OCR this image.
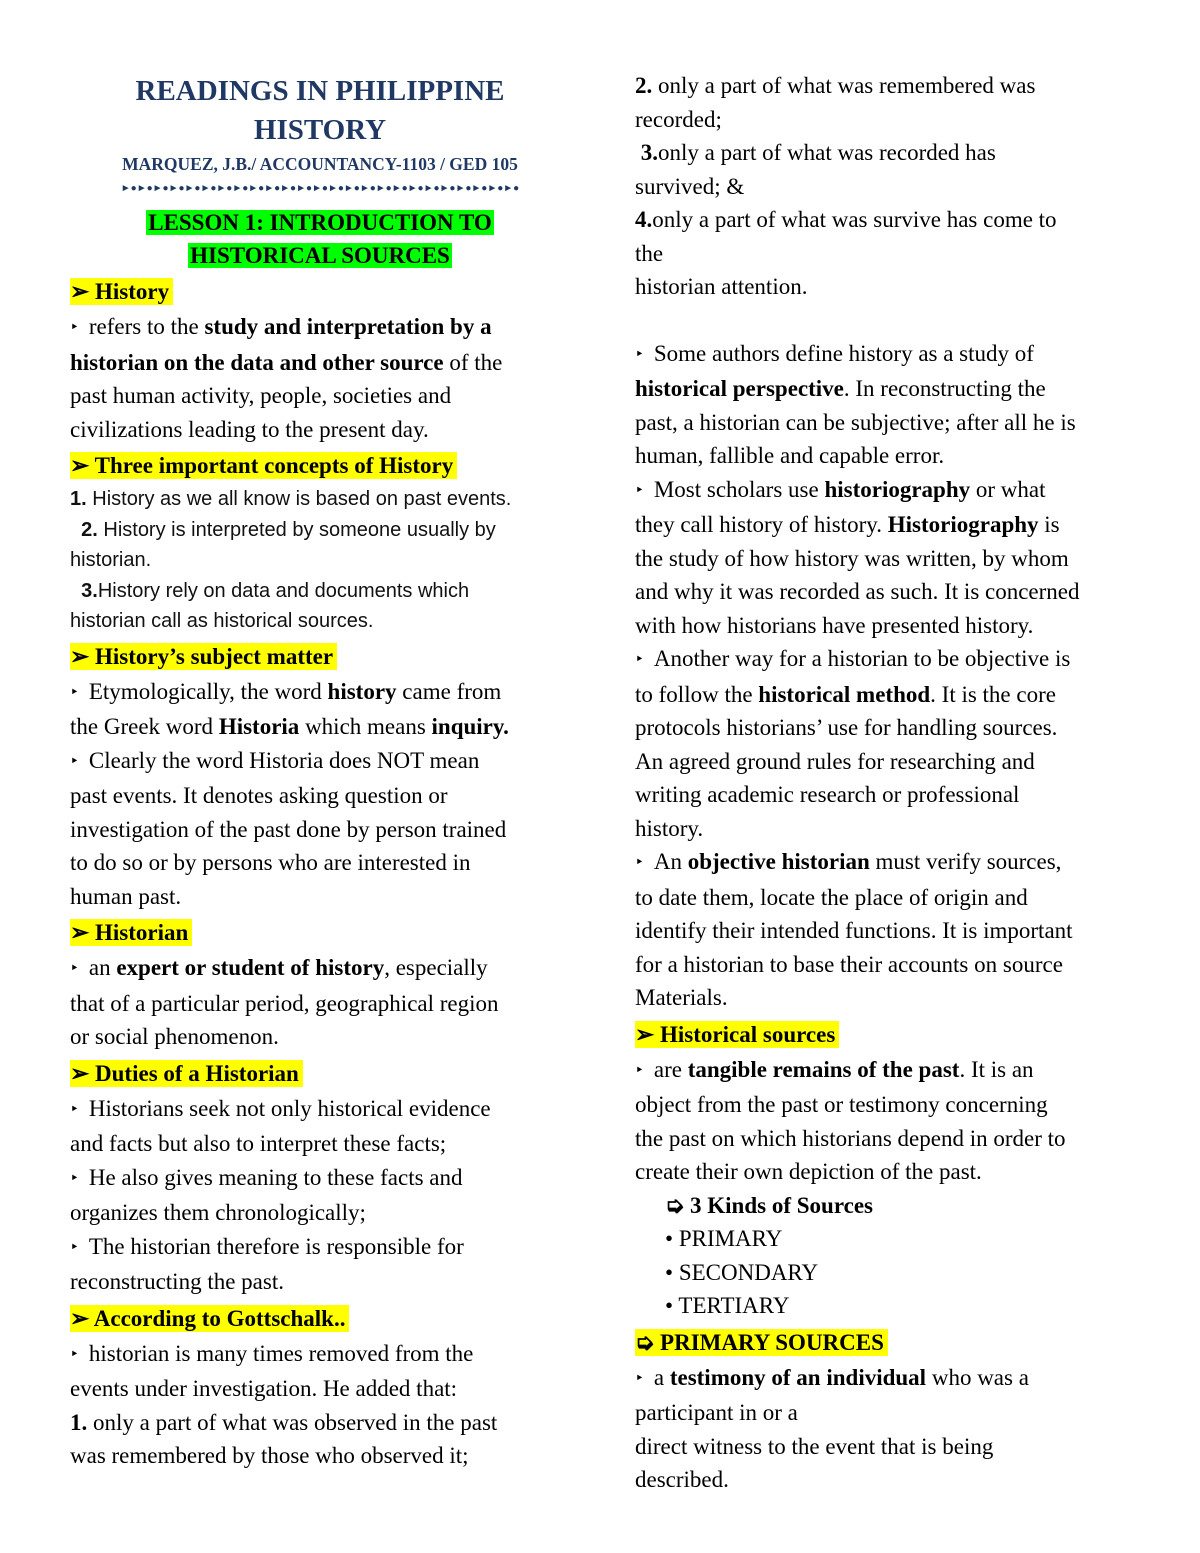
READINGS IN PHILIPPINE
HISTORY
MARQUEZ, J.B./ ACCOUNTANCY-1103 / GED 105
►●►●►●►●►●►●►●►●►●►●►●►●►●►●►●►●►●►●►●►●►●►●►●►●►●
LESSON 1: INTRODUCTION TO
HISTORICAL SOURCES
➢ History

‣ refers to the study and interpretation by a

historian on the data and other source of the

past human activity, people, societies and

civilizations leading to the present day.

➢ Three important concepts of History

1. History as we all know is based on past events.

2. History is interpreted by someone usually by

historian.

3.History rely on data and documents which

historian call as historical sources.

➢ History’s subject matter

‣ Etymologically, the word history came from

the Greek word Historia which means inquiry.

‣ Clearly the word Historia does NOT mean

past events. It denotes asking question or

investigation of the past done by person trained

to do so or by persons who are interested in

human past.

➢ Historian

‣ an expert or student of history, especially

that of a particular period, geographical region

or social phenomenon.

➢ Duties of a Historian

‣ Historians seek not only historical evidence

and facts but also to interpret these facts;

‣ He also gives meaning to these facts and

organizes them chronologically;

‣ The historian therefore is responsible for

reconstructing the past.

➢ According to Gottschalk..

‣ historian is many times removed from the

events under investigation. He added that:

1. only a part of what was observed in the past

was remembered by those who observed it;

2. only a part of what was remembered was

recorded;

3.only a part of what was recorded has

survived; &

4.only a part of what was survive has come to

the

historian attention.

‣ Some authors define history as a study of

historical perspective. In reconstructing the

past, a historian can be subjective; after all he is

human, fallible and capable error.

‣ Most scholars use historiography or what

they call history of history. Historiography is

the study of how history was written, by whom

and why it was recorded as such. It is concerned

with how historians have presented history.

‣ Another way for a historian to be objective is

to follow the historical method. It is the core

protocols historians’ use for handling sources.

An agreed ground rules for researching and

writing academic research or professional

history.

‣ An objective historian must verify sources,

to date them, locate the place of origin and

identify their intended functions. It is important

for a historian to base their accounts on source

Materials.

➢ Historical sources

‣ are tangible remains of the past. It is an

object from the past or testimony concerning

the past on which historians depend in order to

create their own depiction of the past.

➭ 3 Kinds of Sources

• PRIMARY

• SECONDARY

• TERTIARY

➭ PRIMARY SOURCES

‣ a testimony of an individual who was a

participant in or a

direct witness to the event that is being

described.
